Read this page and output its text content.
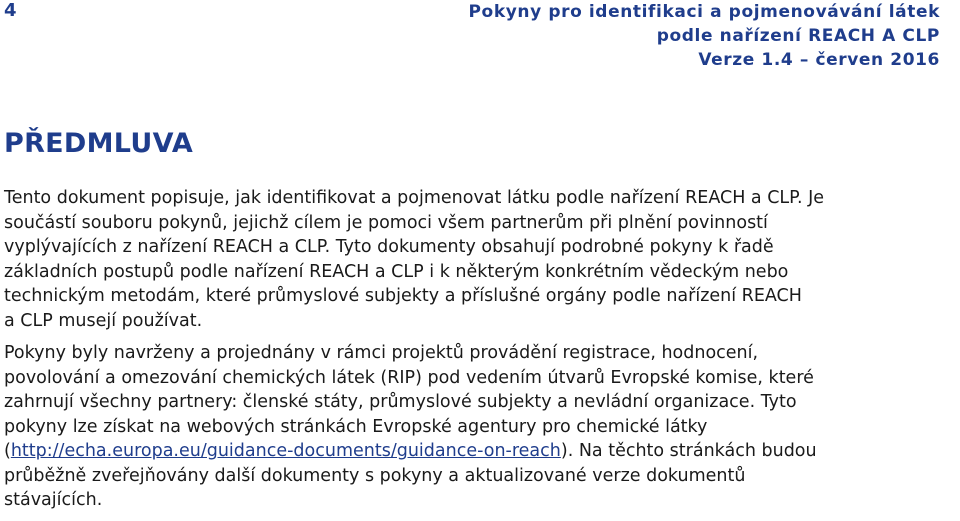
4	Pokyny pro identifikaci a pojmenovávání látek
podle nařízení REACH A CLP
Verze 1.4 – červen 2016
PŘEDMLUVA

Tento dokument popisuje, jak identifikovat a pojmenovat látku podle nařízení REACH a CLP. Je
součástí souboru pokynů, jejichž cílem je pomoci všem partnerům při plnění povinností
vyplývajících z nařízení REACH a CLP. Tyto dokumenty obsahují podrobné pokyny k řadě
základních postupů podle nařízení REACH a CLP i k některým konkrétním vědeckým nebo
technickým metodám, které průmyslové subjekty a příslušné orgány podle nařízení REACH
a CLP musejí používat.

Pokyny byly navrženy a projednány v rámci projektů provádění registrace, hodnocení,
povolování a omezování chemických látek (RIP) pod vedením útvarů Evropské komise, které
zahrnují všechny partnery: členské státy, průmyslové subjekty a nevládní organizace. Tyto
pokyny lze získat na webových stránkách Evropské agentury pro chemické látky
(http://echa.europa.eu/guidance-documents/guidance-on-reach). Na těchto stránkách budou
průběžně zveřejňovány další dokumenty s pokyny a aktualizované verze dokumentů
stávajících.
